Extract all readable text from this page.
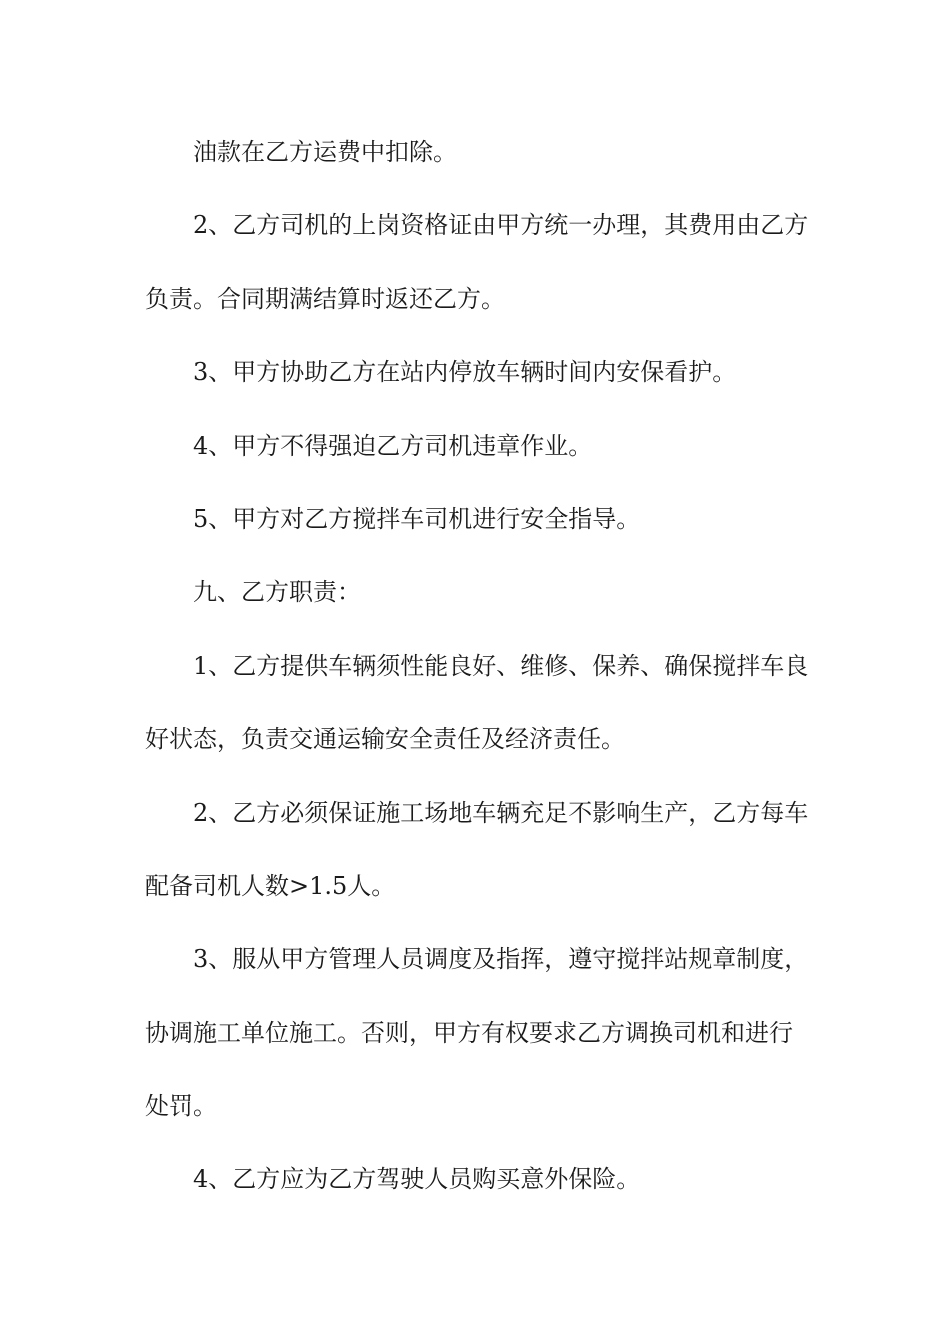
油款在乙方运费中扣除。
2、乙方司机的上岗资格证由甲方统一办理，其费用由乙方
负责。合同期满结算时返还乙方。
3、甲方协助乙方在站内停放车辆时间内安保看护。
4、甲方不得强迫乙方司机违章作业。
5、甲方对乙方搅拌车司机进行安全指导。
九、乙方职责：
1、乙方提供车辆须性能良好、维修、保养、确保搅拌车良
好状态，负责交通运输安全责任及经济责任。
2、乙方必须保证施工场地车辆充足不影响生产，乙方每车
配备司机人数>1.5人。
3、服从甲方管理人员调度及指挥，遵守搅拌站规章制度，
协调施工单位施工。否则，甲方有权要求乙方调换司机和进行
处罚。
4、乙方应为乙方驾驶人员购买意外保险。
